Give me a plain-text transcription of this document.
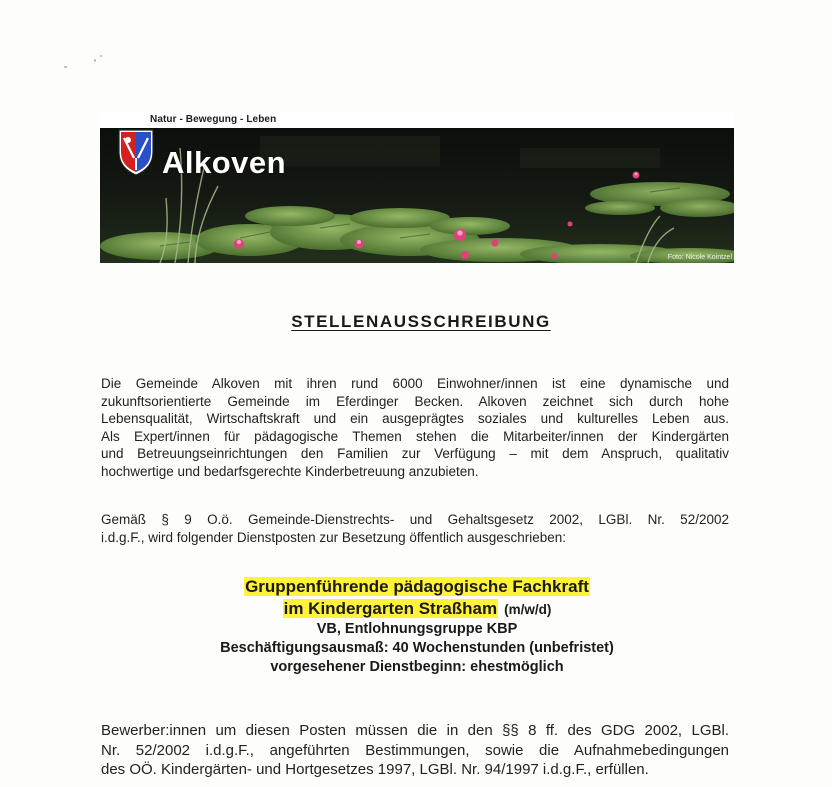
Natur - Bewegung - Leben
Alkoven
Foto: Nicole Kointzel
STELLENAUSSCHREIBUNG
Die Gemeinde Alkoven mit ihren rund 6000 Einwohner/innen ist eine dynamische und
zukunftsorientierte Gemeinde im Eferdinger Becken. Alkoven zeichnet sich durch hohe
Lebensqualität, Wirtschaftskraft und ein ausgeprägtes soziales und kulturelles Leben aus.
Als Expert/innen für pädagogische Themen stehen die Mitarbeiter/innen der Kindergärten
und Betreuungseinrichtungen den Familien zur Verfügung – mit dem Anspruch, qualitativ
hochwertige und bedarfsgerechte Kinderbetreuung anzubieten.
Gemäß § 9 O.ö. Gemeinde-Dienstrechts- und Gehaltsgesetz 2002, LGBl. Nr. 52/2002
i.d.g.F., wird folgender Dienstposten zur Besetzung öffentlich ausgeschrieben:
Gruppenführende pädagogische Fachkraft
im Kindergarten Straßham (m/w/d)
VB, Entlohnungsgruppe KBP
Beschäftigungsausmaß: 40 Wochenstunden (unbefristet)
vorgesehener Dienstbeginn: ehestmöglich
Bewerber:innen um diesen Posten müssen die in den §§ 8 ff. des GDG 2002, LGBl.
Nr. 52/2002 i.d.g.F., angeführten Bestimmungen, sowie die Aufnahmebedingungen
des OÖ. Kindergärten- und Hortgesetzes 1997, LGBl. Nr. 94/1997 i.d.g.F., erfüllen.
